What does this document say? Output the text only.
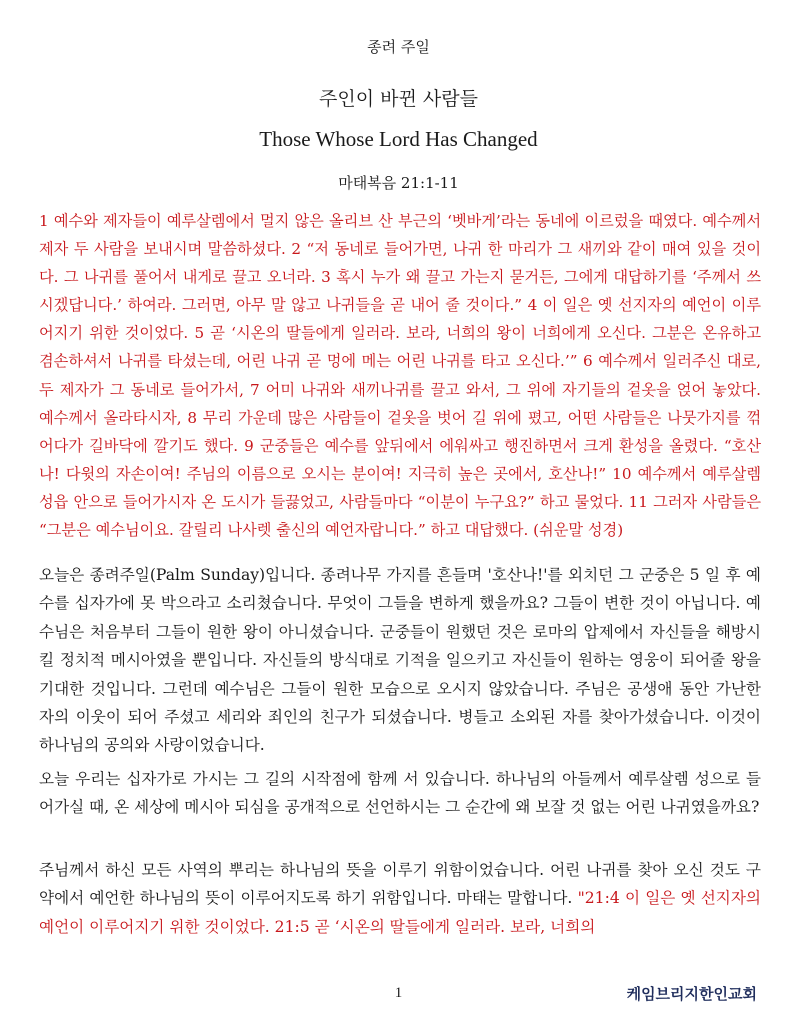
종려 주일
주인이 바뀐 사람들
Those Whose Lord Has Changed
마태복음 21:1-11

1 예수와 제자들이 예루살렘에서 멀지 않은 올리브 산 부근의 ‘벳바게’라는 동네에 이르렀을 때였다. 예수께서 제자 두 사람을 보내시며 말씀하셨다. 2 “저 동네로 들어가면, 나귀 한 마리가 그 새끼와 같이 매여 있을 것이다. 그 나귀를 풀어서 내게로 끌고 오너라. 3 혹시 누가 왜 끌고 가는지 묻거든, 그에게 대답하기를 ‘주께서 쓰시겠답니다.’ 하여라. 그러면, 아무 말 않고 나귀들을 곧 내어 줄 것이다.” 4 이 일은 옛 선지자의 예언이 이루어지기 위한 것이었다. 5 곧 ‘시온의 딸들에게 일러라. 보라, 너희의 왕이 너희에게 오신다. 그분은 온유하고 겸손하셔서 나귀를 타셨는데, 어린 나귀 곧 멍에 메는 어린 나귀를 타고 오신다.’” 6 예수께서 일러주신 대로, 두 제자가 그 동네로 들어가서, 7 어미 나귀와 새끼나귀를 끌고 와서, 그 위에 자기들의 겉옷을 얹어 놓았다. 예수께서 올라타시자, 8 무리 가운데 많은 사람들이 겉옷을 벗어 길 위에 폈고, 어떤 사람들은 나뭇가지를 꺾어다가 길바닥에 깔기도 했다. 9 군중들은 예수를 앞뒤에서 에워싸고 행진하면서 크게 환성을 올렸다. “호산나! 다윗의 자손이여! 주님의 이름으로 오시는 분이여! 지극히 높은 곳에서, 호산나!” 10 예수께서 예루살렘 성읍 안으로 들어가시자 온 도시가 들끓었고, 사람들마다 “이분이 누구요?” 하고 물었다. 11 그러자 사람들은 “그분은 예수님이요. 갈릴리 나사렛 출신의 예언자랍니다.” 하고 대답했다. (쉬운말 성경)

오늘은 종려주일(Palm Sunday)입니다. 종려나무 가지를 흔들며 '호산나!'를 외치던 그 군중은 5 일 후 예수를 십자가에 못 박으라고 소리쳤습니다. 무엇이 그들을 변하게 했을까요? 그들이 변한 것이 아닙니다. 예수님은 처음부터 그들이 원한 왕이 아니셨습니다. 군중들이 원했던 것은 로마의 압제에서 자신들을 해방시킬 정치적 메시아였을 뿐입니다. 자신들의 방식대로 기적을 일으키고 자신들이 원하는 영웅이 되어줄 왕을 기대한 것입니다. 그런데 예수님은 그들이 원한 모습으로 오시지 않았습니다. 주님은 공생애 동안 가난한 자의 이웃이 되어 주셨고 세리와 죄인의 친구가 되셨습니다. 병들고 소외된 자를 찾아가셨습니다. 이것이 하나님의 공의와 사랑이었습니다.

오늘 우리는 십자가로 가시는 그 길의 시작점에 함께 서 있습니다. 하나님의 아들께서 예루살렘 성으로 들어가실 때, 온 세상에 메시아 되심을 공개적으로 선언하시는 그 순간에 왜 보잘 것 없는 어린 나귀였을까요?

주님께서 하신 모든 사역의 뿌리는 하나님의 뜻을 이루기 위함이었습니다. 어린 나귀를 찾아 오신 것도 구약에서 예언한 하나님의 뜻이 이루어지도록 하기 위함입니다. 마태는 말합니다. "21:4 이 일은 옛 선지자의 예언이 이루어지기 위한 것이었다. 21:5 곧 ‘시온의 딸들에게 일러라. 보라, 너희의

1	케임브리지한인교회
